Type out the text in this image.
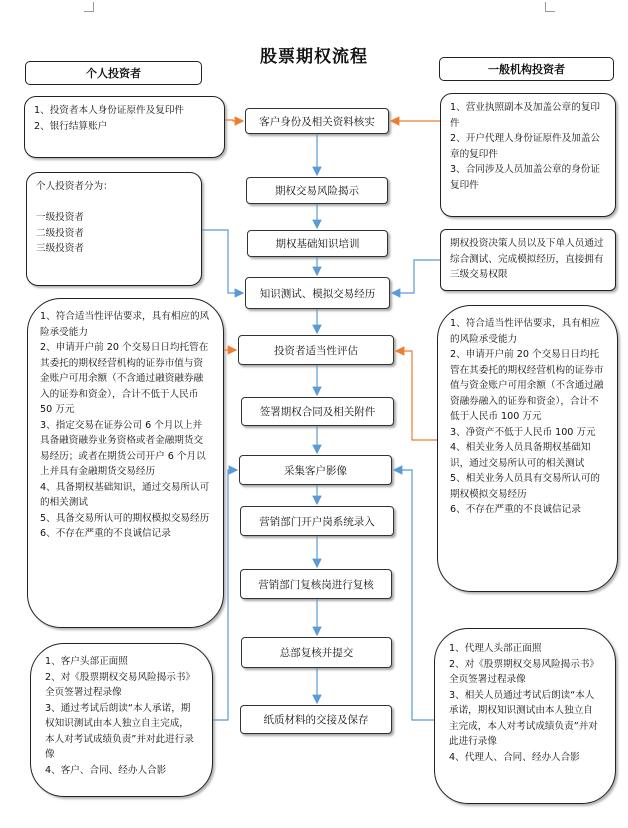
股票期权流程
个人投资者	一般机构投资者
客户身份及相关资料核实
期权交易风险揭示
期权基础知识培训
知识测试、模拟交易经历
投资者适当性评估
签署期权合同及相关附件
采集客户影像
营销部门开户岗系统录入
营销部门复核岗进行复核
总部复核并提交
纸质材料的交接及保存
1、投资者本人身份证原件及复印件
2、银行结算账户
个人投资者分为：

一级投资者
二级投资者
三级投资者
1、符合适当性评估要求，具有相应的风险承受能力
2、申请开户前 20 个交易日日均托管在其委托的期权经营机构的证券市值与资金账户可用余额（不含通过融资融券融入的证券和资金），合计不低于人民币 50 万元
3、指定交易在证券公司 6 个月以上并具备融资融券业务资格或者金融期货交易经历；或者在期货公司开户 6 个月以上并具有金融期货交易经历
4、具备期权基础知识，通过交易所认可的相关测试
5、具备交易所认可的期权模拟交易经历
6、不存在严重的不良诚信记录
1、客户头部正面照
2、对《股票期权交易风险揭示书》全页签署过程录像
3、通过考试后朗读“本人承诺，期权知识测试由本人独立自主完成，本人对考试成绩负责”并对此进行录像
4、客户、合同、经办人合影
1、营业执照副本及加盖公章的复印件
2、开户代理人身份证原件及加盖公章的复印件
3、合同涉及人员加盖公章的身份证复印件
期权投资决策人员以及下单人员通过综合测试、完成模拟经历，直接拥有三级交易权限
1、符合适当性评估要求，具有相应的风险承受能力
2、申请开户前 20 个交易日日均托管在其委托的期权经营机构的证券市值与资金账户可用余额（不含通过融资融券融入的证券和资金），合计不低于人民币 100 万元
3、净资产不低于人民币 100 万元
4、相关业务人员具备期权基础知识，通过交易所认可的相关测试
5、相关业务人员具有交易所认可的期权模拟交易经历
6、不存在严重的不良诚信记录
1、代理人头部正面照
2、对《股票期权交易风险揭示书》全页签署过程录像
3、相关人员通过考试后朗读“本人承诺，期权知识测试由本人独立自主完成，本人对考试成绩负责”并对此进行录像
4、代理人、合同、经办人合影
